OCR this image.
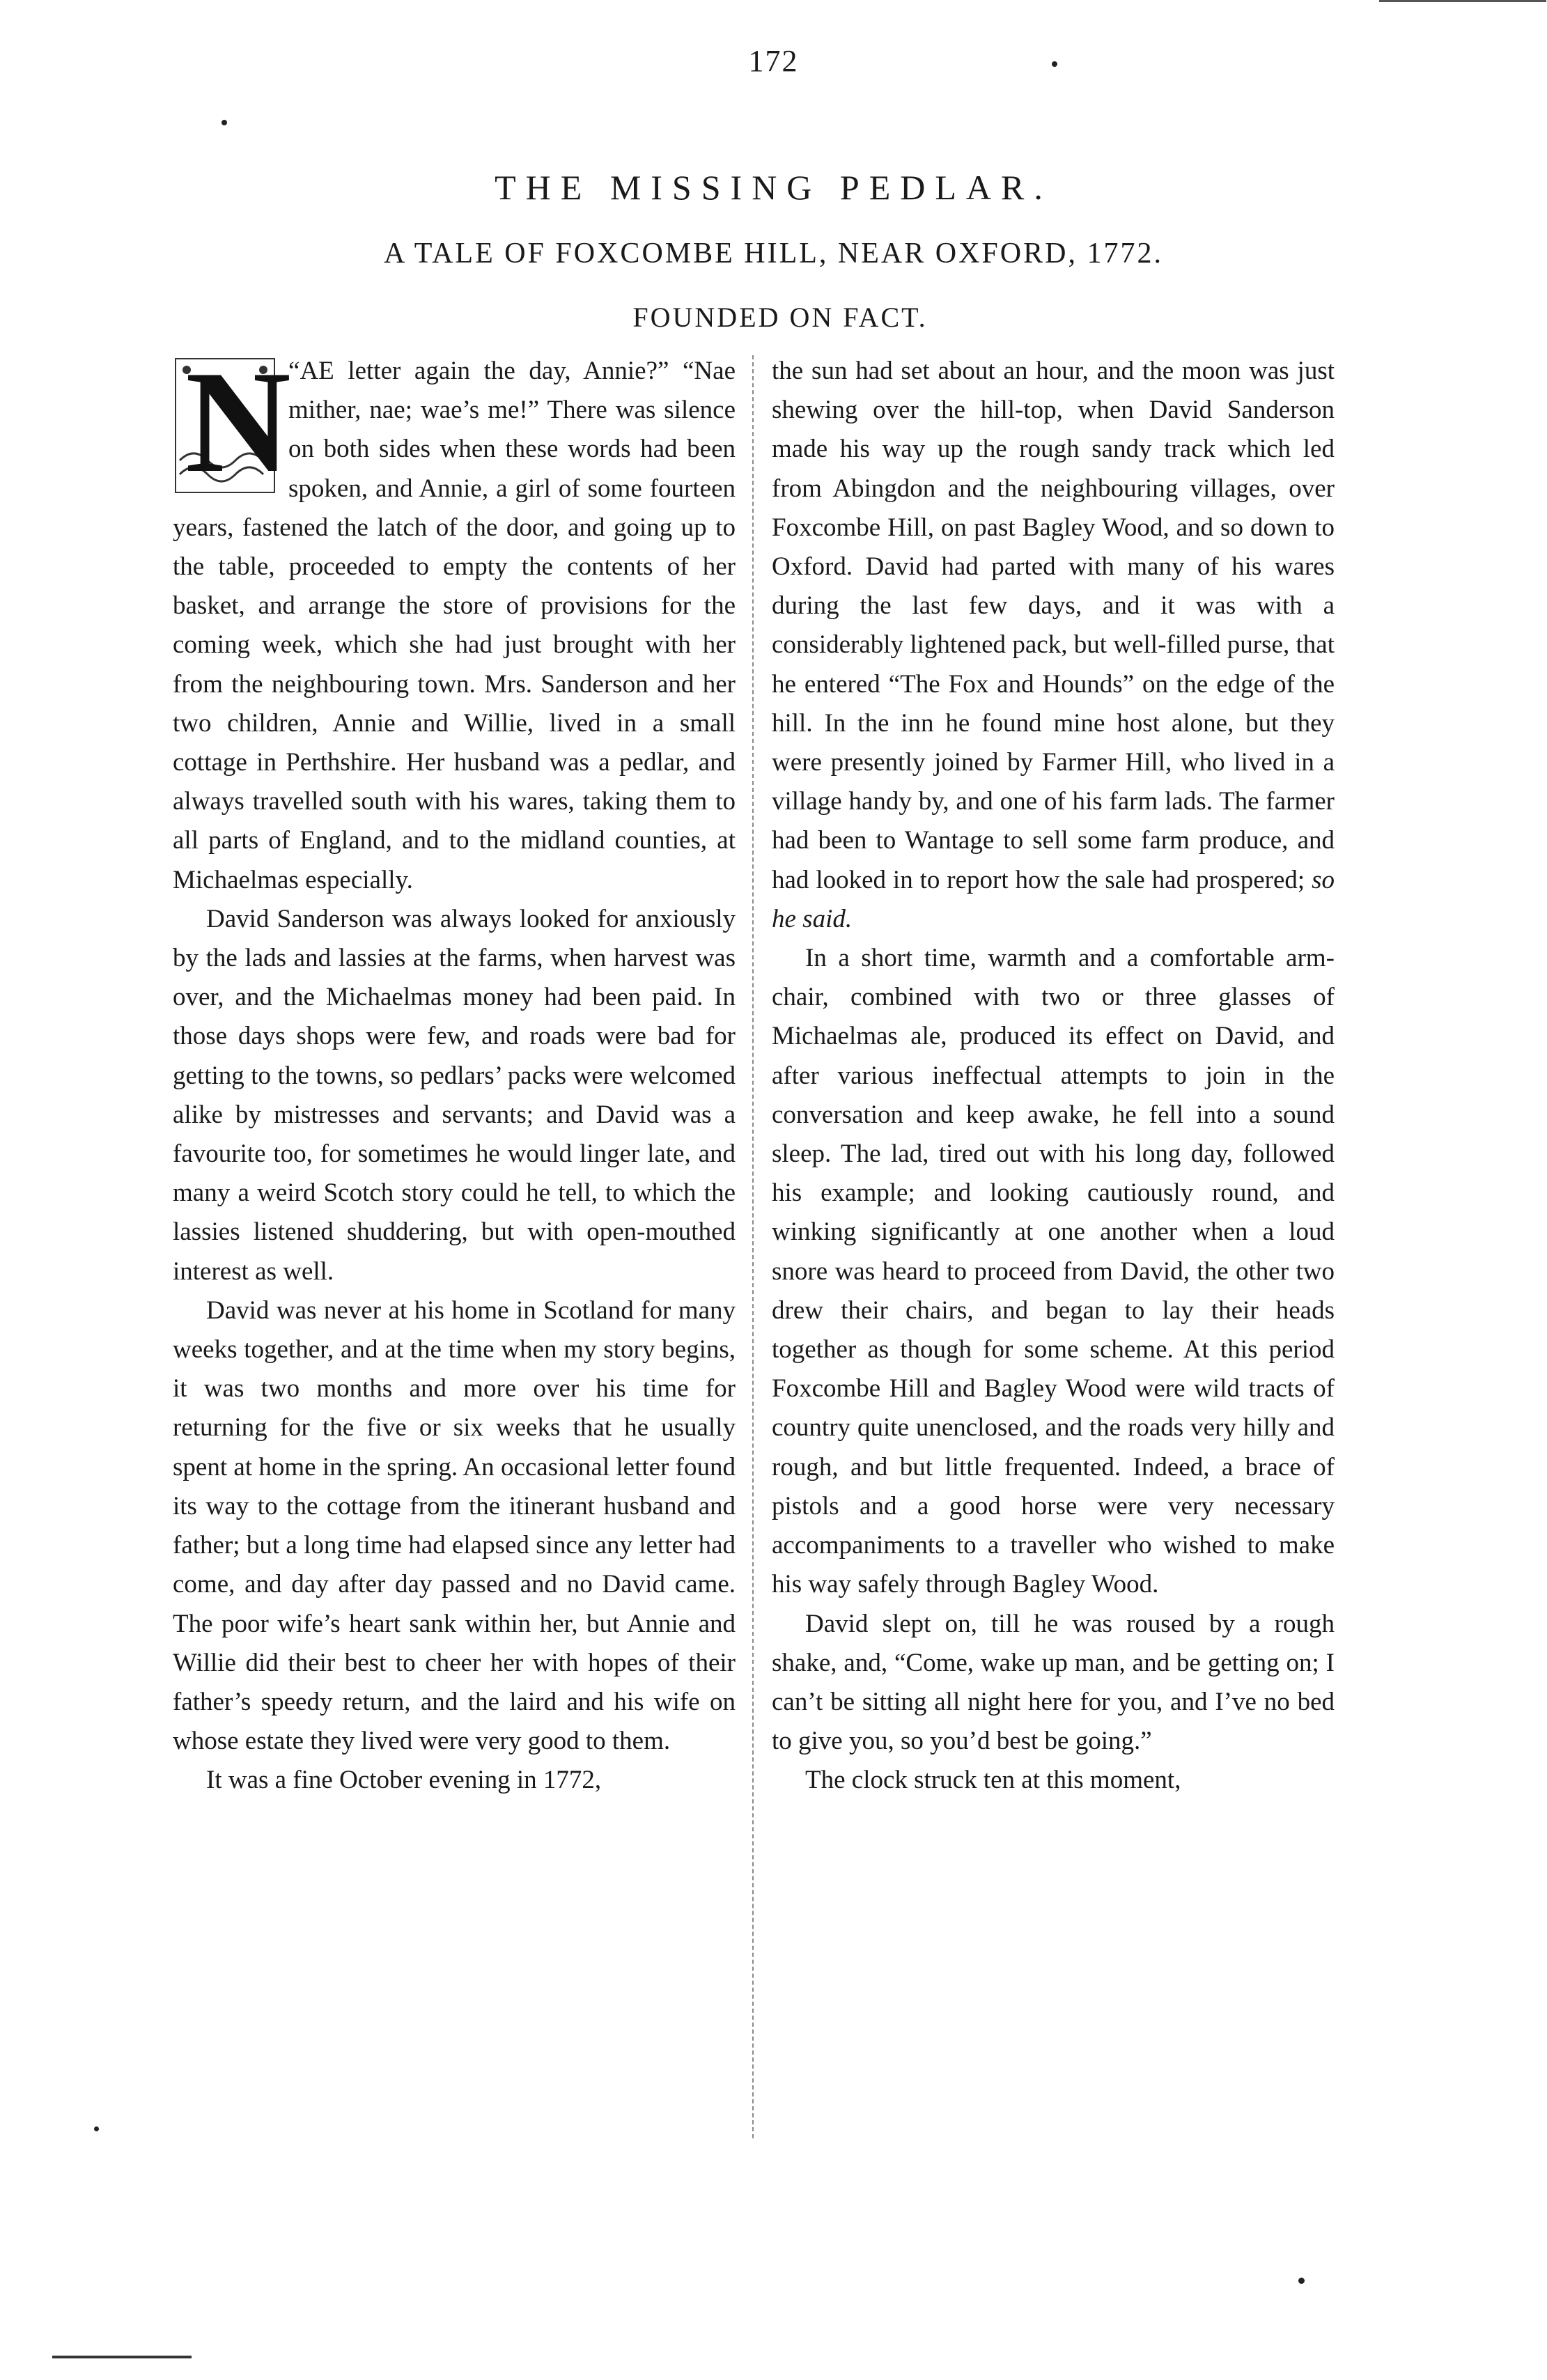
172
THE MISSING PEDLAR.
A TALE OF FOXCOMBE HILL, NEAR OXFORD, 1772.
FOUNDED ON FACT.

N
“AE letter again the day, Annie?” “Nae mither, nae; wae’s me!” There was silence on both sides when these words had been spoken, and Annie, a girl of some fourteen years, fastened the latch of the door, and going up to the table, proceeded to empty the contents of her basket, and arrange the store of provisions for the coming week, which she had just brought with her from the neighbouring town. Mrs. Sanderson and her two children, Annie and Willie, lived in a small cottage in Perthshire. Her husband was a pedlar, and always travelled south with his wares, taking them to all parts of England, and to the midland counties, at Michaelmas especially.

David Sanderson was always looked for anxiously by the lads and lassies at the farms, when harvest was over, and the Michaelmas money had been paid. In those days shops were few, and roads were bad for getting to the towns, so pedlars’ packs were welcomed alike by mistresses and servants; and David was a favourite too, for sometimes he would linger late, and many a weird Scotch story could he tell, to which the lassies listened shuddering, but with open-mouthed interest as well.

David was never at his home in Scotland for many weeks together, and at the time when my story begins, it was two months and more over his time for returning for the five or six weeks that he usually spent at home in the spring. An occasional letter found its way to the cottage from the itinerant husband and father; but a long time had elapsed since any letter had come, and day after day passed and no David came. The poor wife’s heart sank within her, but Annie and Willie did their best to cheer her with hopes of their father’s speedy return, and the laird and his wife on whose estate they lived were very good to them.

It was a fine October evening in 1772,

the sun had set about an hour, and the moon was just shewing over the hill-top, when David Sanderson made his way up the rough sandy track which led from Abingdon and the neighbouring villages, over Foxcombe Hill, on past Bagley Wood, and so down to Oxford. David had parted with many of his wares during the last few days, and it was with a considerably lightened pack, but well-filled purse, that he entered “The Fox and Hounds” on the edge of the hill. In the inn he found mine host alone, but they were presently joined by Farmer Hill, who lived in a village handy by, and one of his farm lads. The farmer had been to Wantage to sell some farm produce, and had looked in to report how the sale had prospered; so he said.

In a short time, warmth and a comfortable arm-chair, combined with two or three glasses of Michaelmas ale, produced its effect on David, and after various ineffectual attempts to join in the conversation and keep awake, he fell into a sound sleep. The lad, tired out with his long day, followed his example; and looking cautiously round, and winking significantly at one another when a loud snore was heard to proceed from David, the other two drew their chairs, and began to lay their heads together as though for some scheme. At this period Foxcombe Hill and Bagley Wood were wild tracts of country quite unenclosed, and the roads very hilly and rough, and but little frequented. Indeed, a brace of pistols and a good horse were very necessary accompaniments to a traveller who wished to make his way safely through Bagley Wood.

David slept on, till he was roused by a rough shake, and, “Come, wake up man, and be getting on; I can’t be sitting all night here for you, and I’ve no bed to give you, so you’d best be going.”

The clock struck ten at this moment,
